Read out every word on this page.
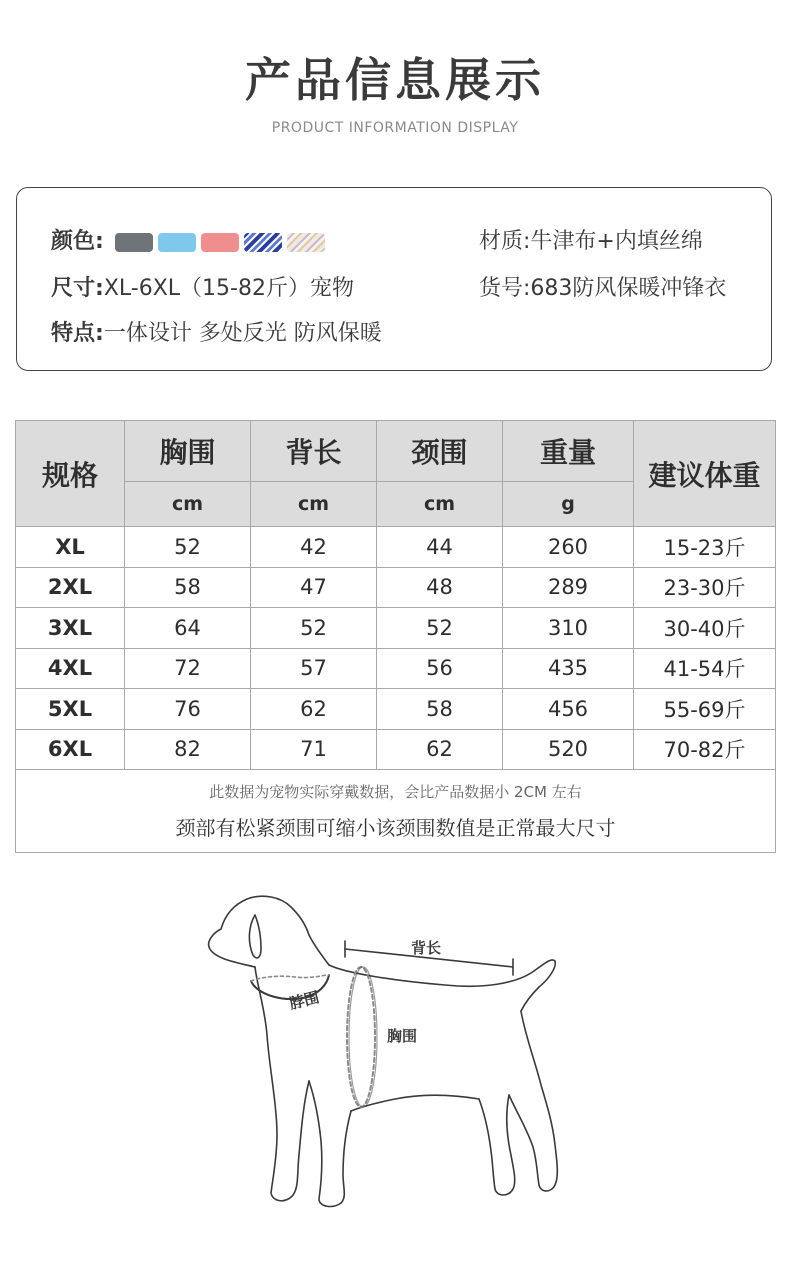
产品信息展示
PRODUCT INFORMATION DISPLAY
颜色:	材质:牛津布+内填丝绵
尺寸:XL-6XL（15-82斤）宠物	货号:683防风保暖冲锋衣
特点:一体设计 多处反光 防风保暖
规格	胸围	背长	颈围	重量	建议体重
	cm	cm	cm	g	
XL	52	42	44	260	15-23斤
2XL	58	47	48	289	23-30斤
3XL	64	52	52	310	30-40斤
4XL	72	57	56	435	41-54斤
5XL	76	62	58	456	55-69斤
6XL	82	71	62	520	70-82斤

此数据为宠物实际穿戴数据，会比产品数据小 2CM 左右
颈部有松紧颈围可缩小该颈围数值是正常最大尺寸					
背长
脖围
胸围
